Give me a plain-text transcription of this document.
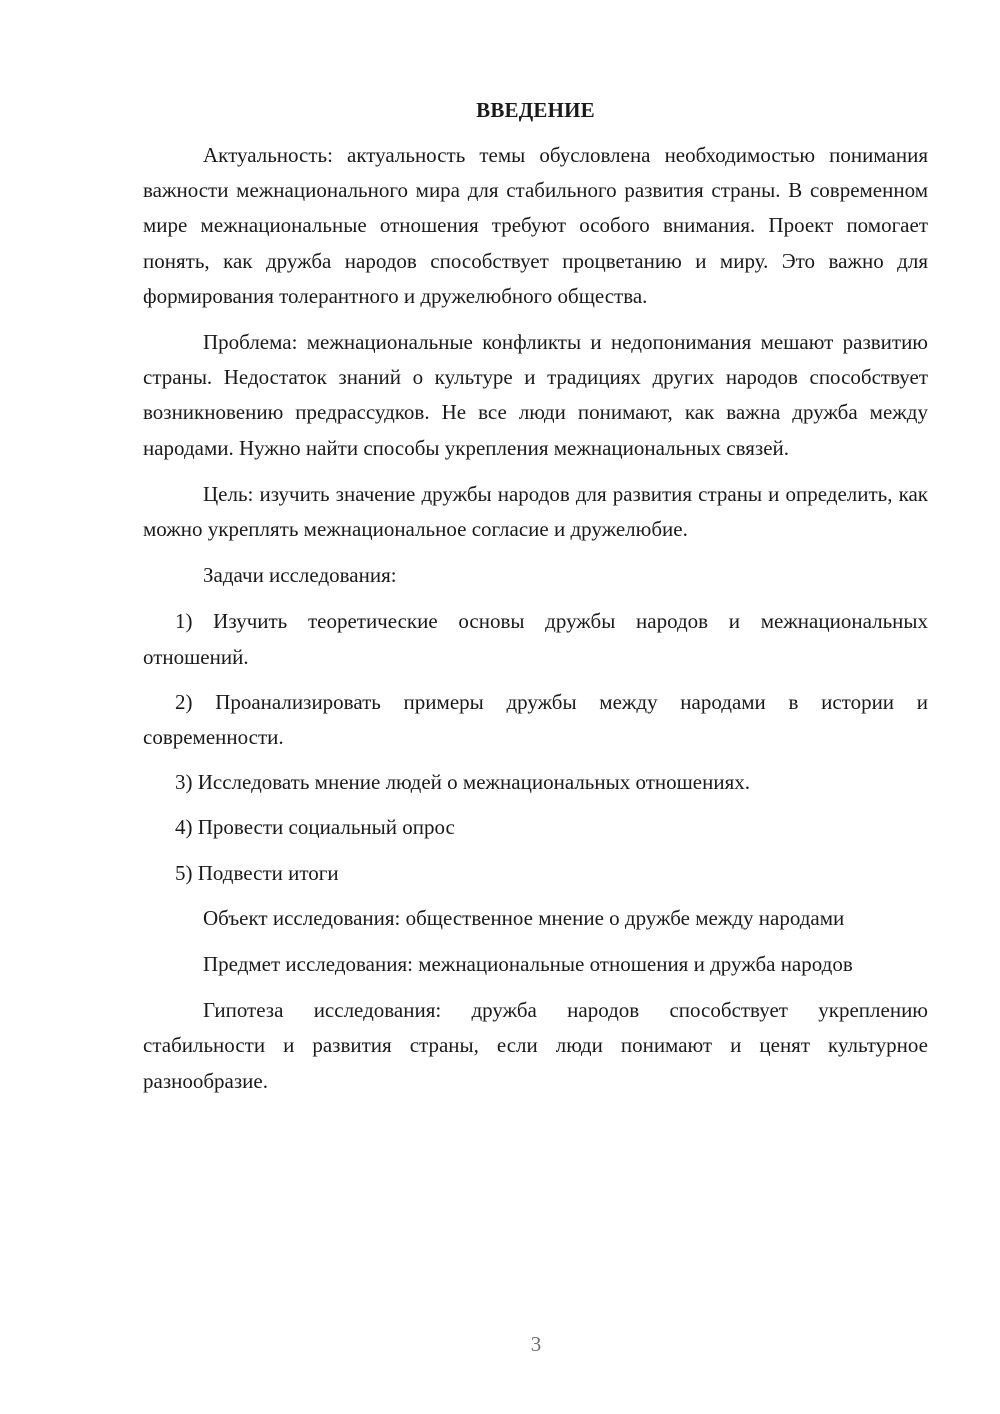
ВВЕДЕНИЕ

Актуальность: актуальность темы обусловлена необходимостью понимания важности межнационального мира для стабильного развития страны. В современном мире межнациональные отношения требуют особого внимания. Проект помогает понять, как дружба народов способствует процветанию и миру. Это важно для формирования толерантного и дружелюбного общества.

Проблема: межнациональные конфликты и недопонимания мешают развитию страны. Недостаток знаний о культуре и традициях других народов способствует возникновению предрассудков. Не все люди понимают, как важна дружба между народами. Нужно найти способы укрепления межнациональных связей.

Цель: изучить значение дружбы народов для развития страны и определить, как можно укреплять межнациональное согласие и дружелюбие.

Задачи исследования:

1) Изучить теоретические основы дружбы народов и межнациональных отношений.

2) Проанализировать примеры дружбы между народами в истории и современности.

3) Исследовать мнение людей о межнациональных отношениях.

4) Провести социальный опрос

5) Подвести итоги

Объект исследования: общественное мнение о дружбе между народами

Предмет исследования: межнациональные отношения и дружба народов

Гипотеза исследования: дружба народов способствует укреплению стабильности и развития страны, если люди понимают и ценят культурное разнообразие.

3
